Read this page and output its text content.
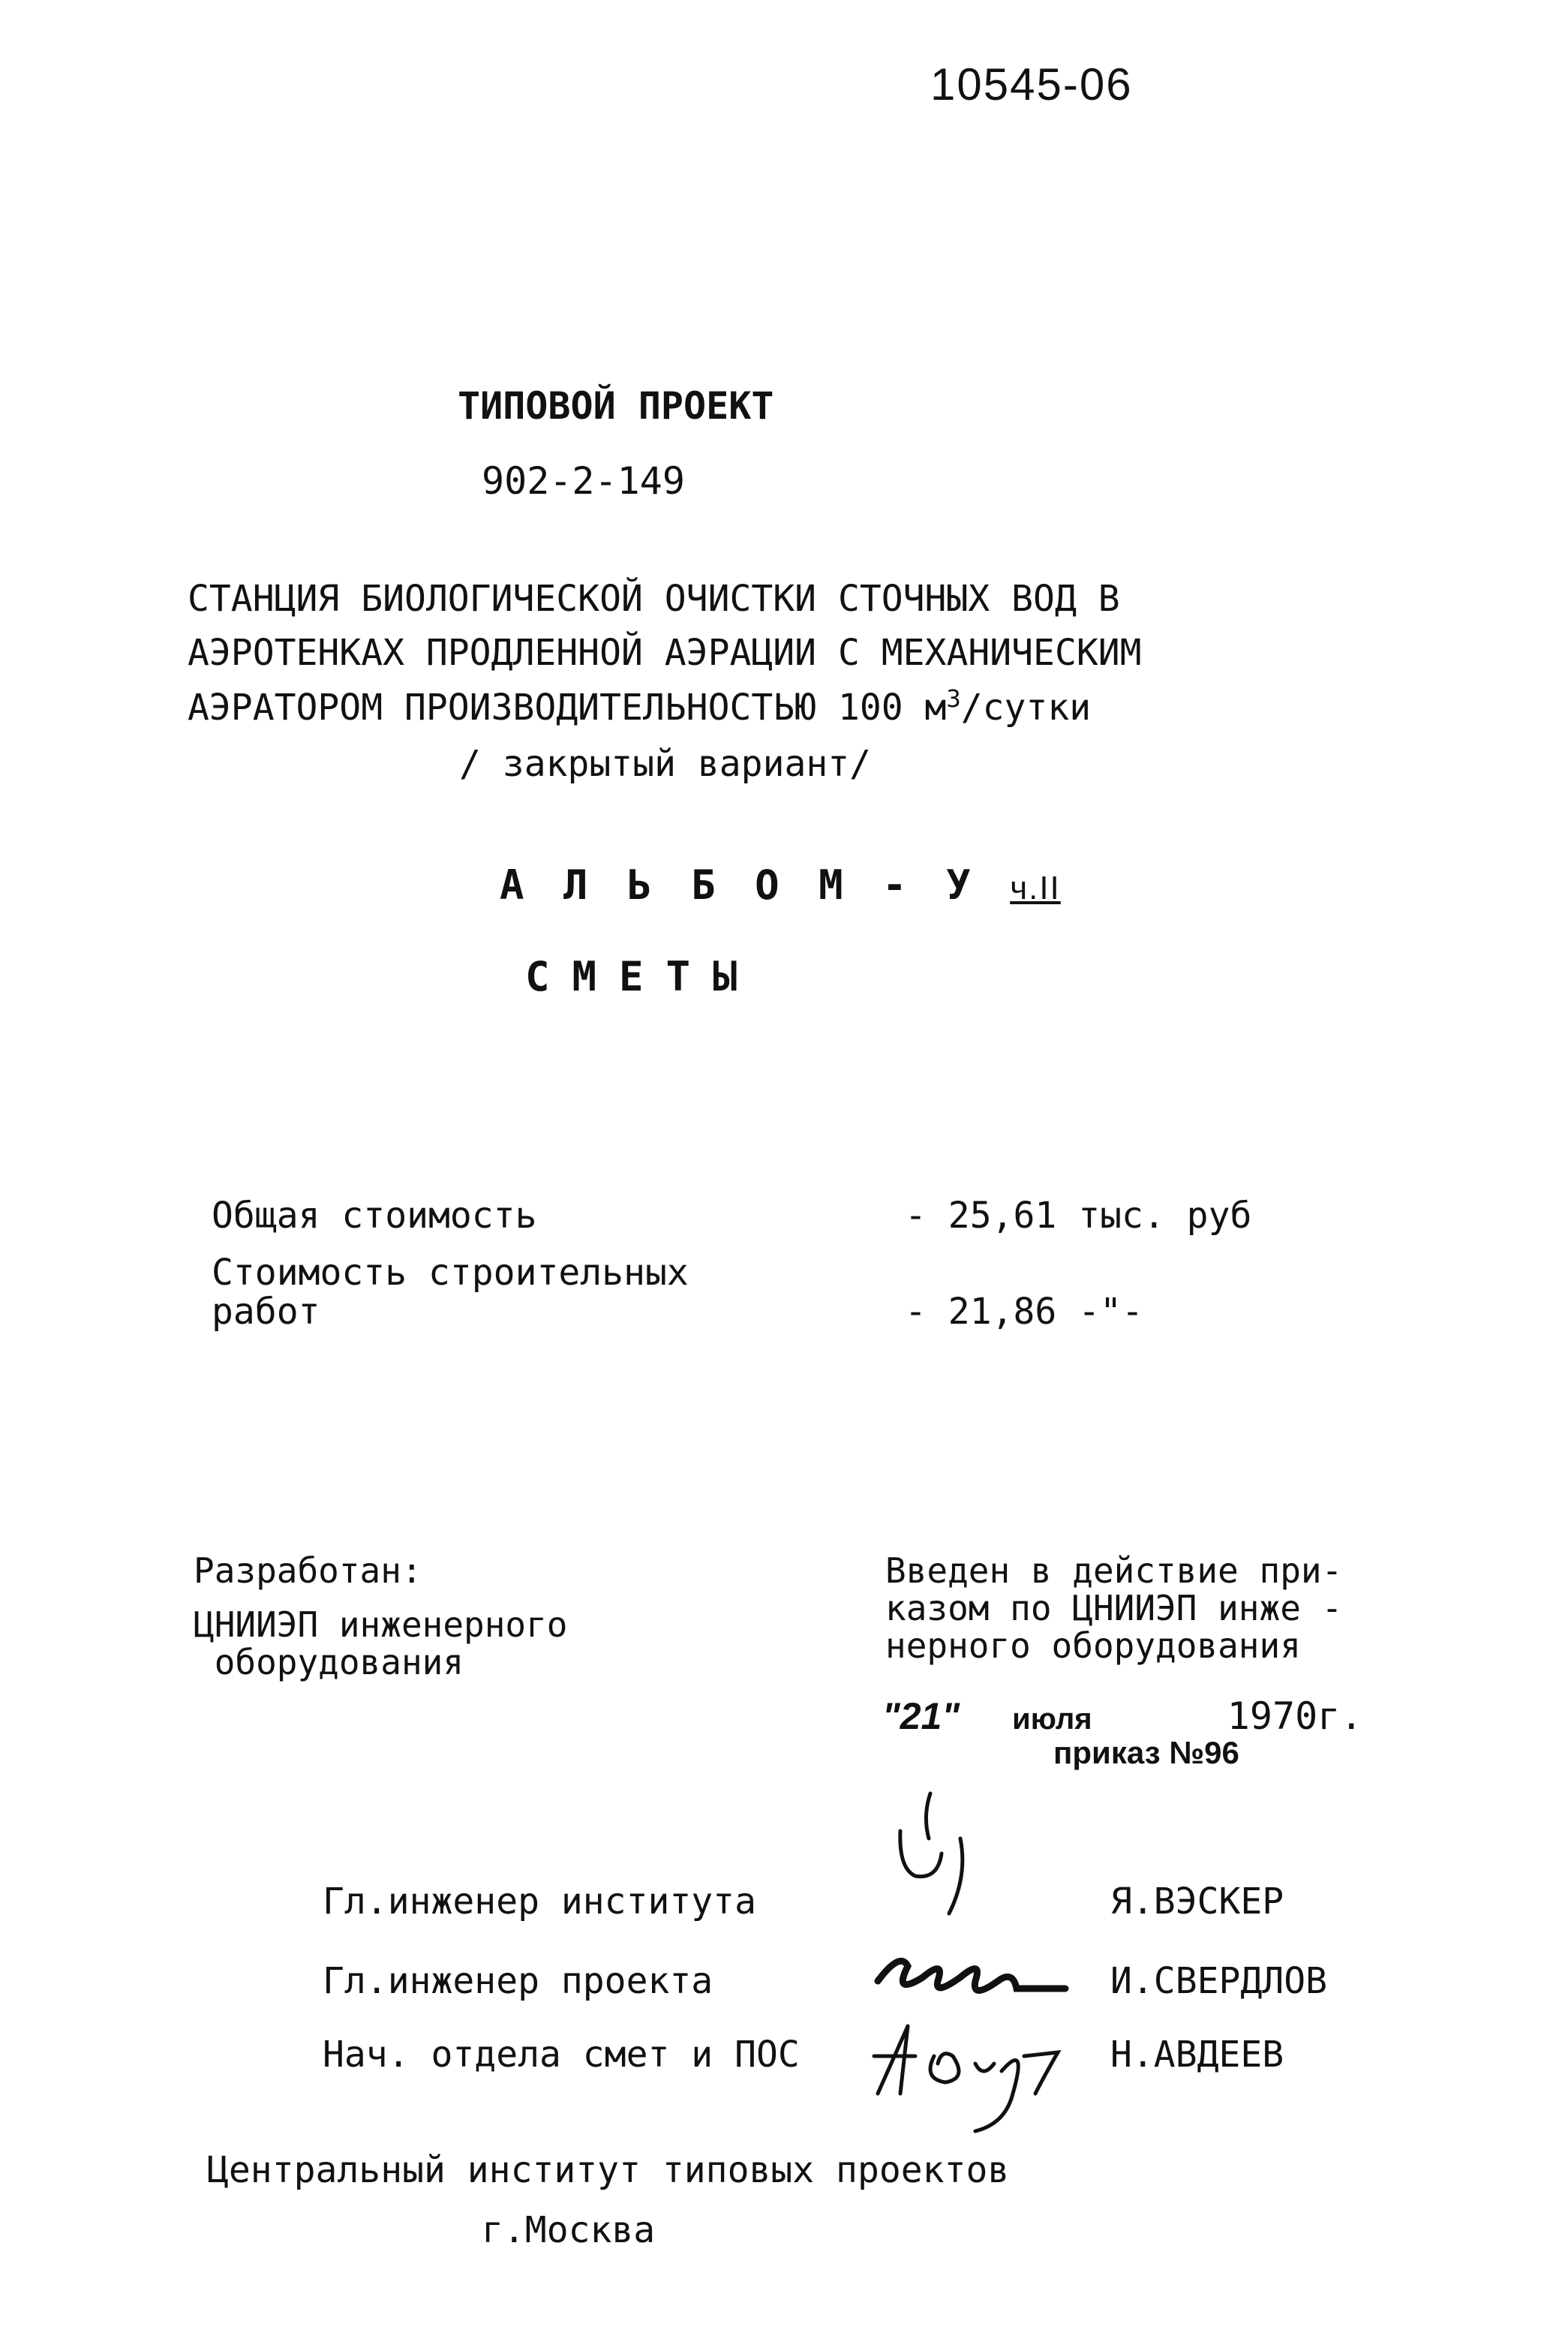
10545-06
ТИПОВОЙ ПРОЕКТ
902-2-149
СТАНЦИЯ БИОЛОГИЧЕСКОЙ ОЧИСТКИ СТОЧНЫХ ВОД В
АЭРОТЕНКАХ ПРОДЛЕННОЙ АЭРАЦИИ С МЕХАНИЧЕСКИМ
АЭРАТОРОМ ПРОИЗВОДИТЕЛЬНОСТЬЮ 100 $м^3$/сутки
/ закрытый вариант/
А Л Ь Б О М - У ч.II
СМЕТЫ
Общая стоимость	- 25,61 тыс. руб
Стоимость строительных
работ	- 21,86 -"-
Разработан:
ЦНИИЭП инженерного
оборудования
Введен в действие при-
казом по ЦНИИЭП инже -
нерного оборудования
"21" июля	1970г.
приказ №96
Гл.инженер института	Я.ВЭСКЕР
Гл.инженер проекта	И.СВЕРДЛОВ
Нач. отдела смет и ПОС	Н.АВДЕЕВ
Центральный институт типовых проектов
г.Москва
